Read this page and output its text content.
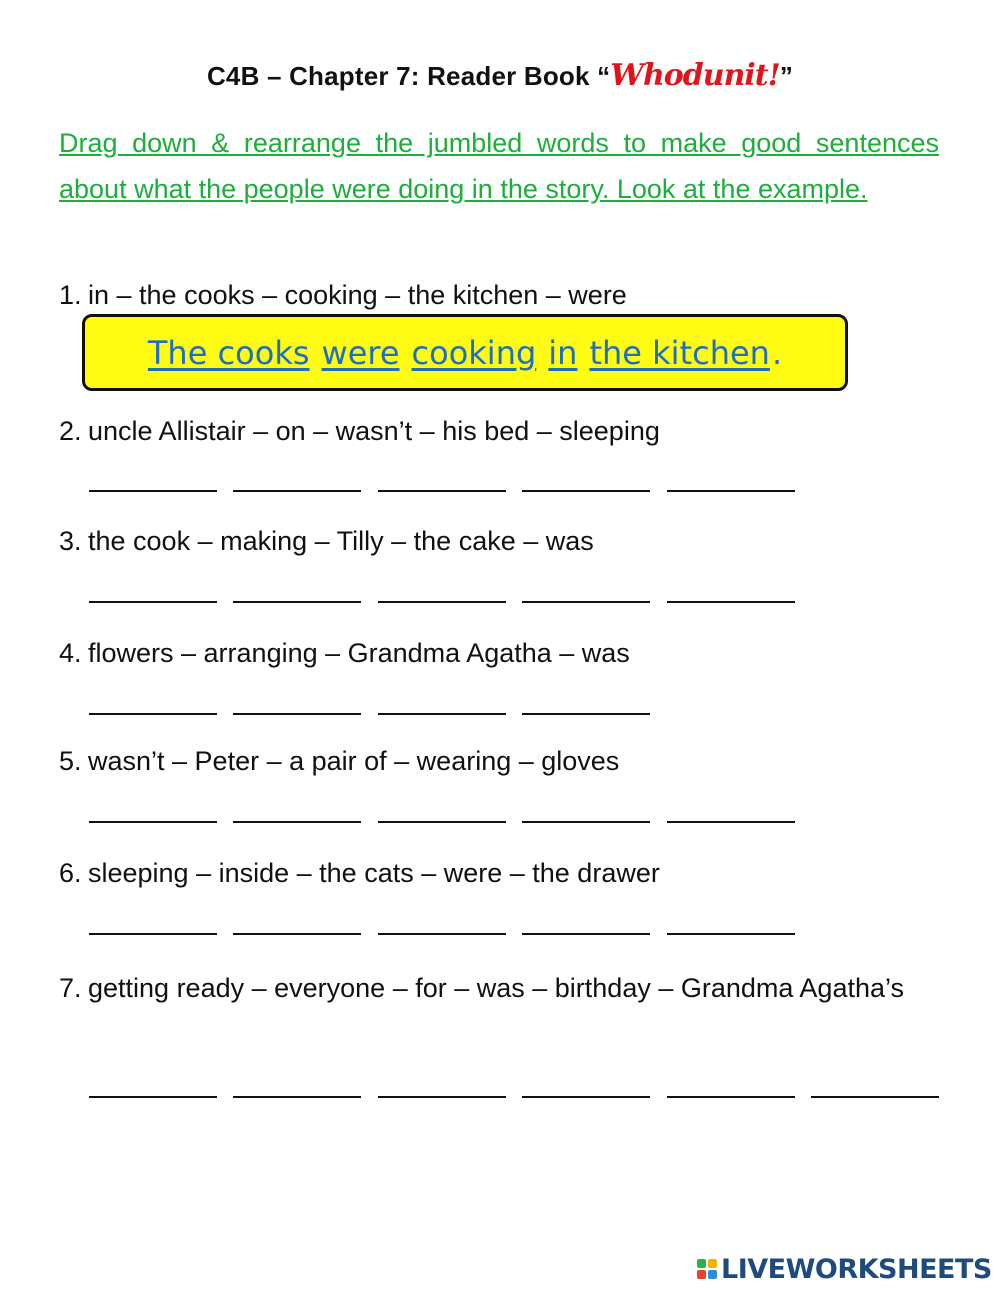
C4B – Chapter 7: Reader Book “Whodunit!”
Drag down & rearrange the jumbled words to make good sentences about what the people were doing in the story. Look at the example.
1. in – the cooks – cooking – the kitchen – were
The cooks were cooking in the kitchen .
2. uncle Allistair – on – wasn’t – his bed – sleeping
3. the cook – making – Tilly – the cake – was
4. flowers – arranging – Grandma Agatha – was
5. wasn’t – Peter – a pair of – wearing – gloves
6. sleeping – inside – the cats – were – the drawer
7. getting ready – everyone – for – was – birthday – Grandma Agatha’s
LIVEWORKSHEETS
